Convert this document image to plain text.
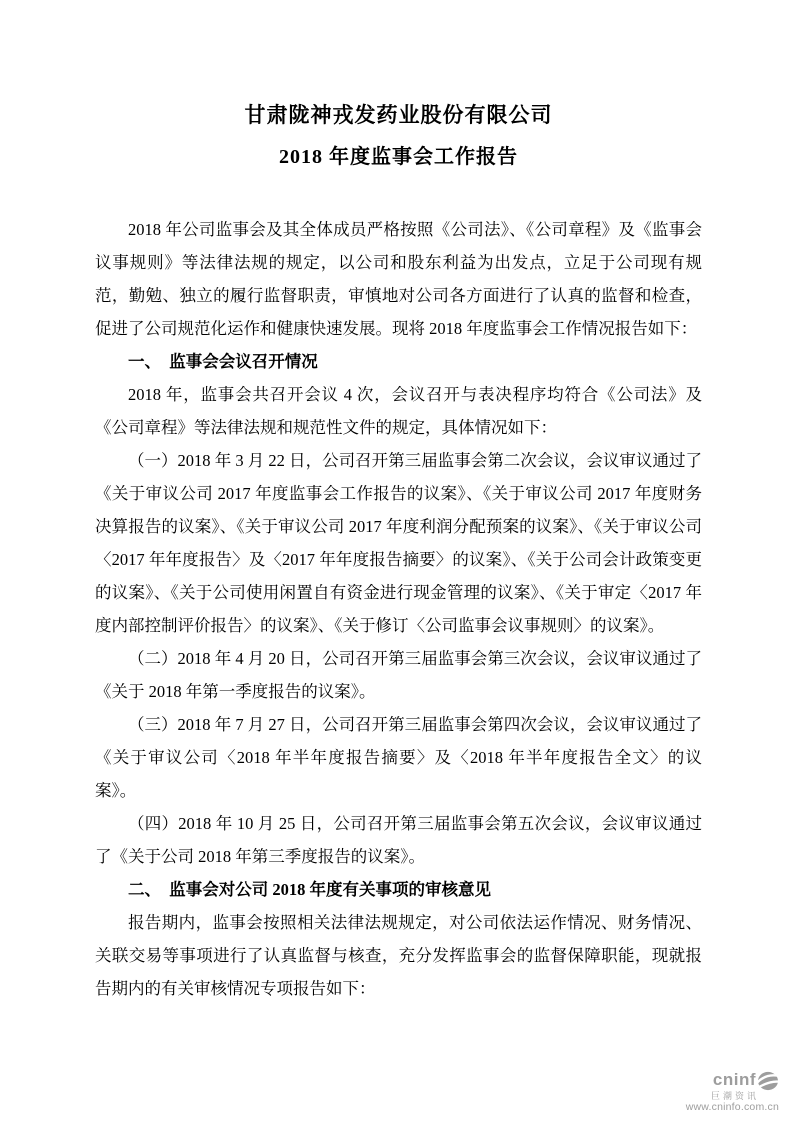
甘肃陇神戎发药业股份有限公司
2018 年度监事会工作报告

2018 年公司监事会及其全体成员严格按照《公司法》、《公司章程》及《监事会议事规则》等法律法规的规定，以公司和股东利益为出发点，立足于公司现有规范，勤勉、独立的履行监督职责，审慎地对公司各方面进行了认真的监督和检查，促进了公司规范化运作和健康快速发展。现将 2018 年度监事会工作情况报告如下：

一、　监事会会议召开情况

2018 年，监事会共召开会议 4 次，会议召开与表决程序均符合《公司法》及《公司章程》等法律法规和规范性文件的规定，具体情况如下：

（一）2018 年 3 月 22 日，公司召开第三届监事会第二次会议，会议审议通过了《关于审议公司 2017 年度监事会工作报告的议案》、《关于审议公司 2017 年度财务决算报告的议案》、《关于审议公司 2017 年度利润分配预案的议案》、《关于审议公司〈2017 年年度报告〉及〈2017 年年度报告摘要〉的议案》、《关于公司会计政策变更的议案》、《关于公司使用闲置自有资金进行现金管理的议案》、《关于审定〈2017 年度内部控制评价报告〉的议案》、《关于修订〈公司监事会议事规则〉的议案》。

（二）2018 年 4 月 20 日，公司召开第三届监事会第三次会议，会议审议通过了《关于 2018 年第一季度报告的议案》。

（三）2018 年 7 月 27 日，公司召开第三届监事会第四次会议，会议审议通过了《关于审议公司〈2018 年半年度报告摘要〉及〈2018 年半年度报告全文〉的议案》。

（四）2018 年 10 月 25 日，公司召开第三届监事会第五次会议，会议审议通过了《关于公司 2018 年第三季度报告的议案》。

二、　监事会对公司 2018 年度有关事项的审核意见

报告期内，监事会按照相关法律法规规定，对公司依法运作情况、财务情况、关联交易等事项进行了认真监督与核查，充分发挥监事会的监督保障职能，现就报告期内的有关审核情况专项报告如下：

cninf
巨潮资讯
www.cninfo.com.cn
